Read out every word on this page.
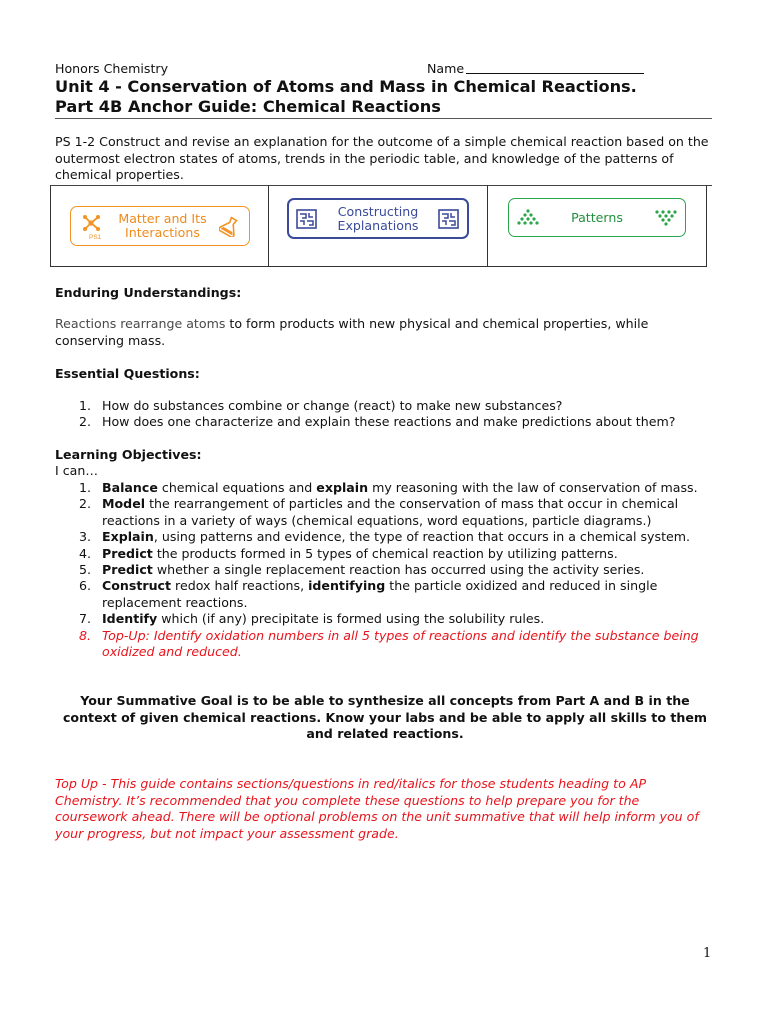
Honors Chemistry	Name
Unit 4 - Conservation of Atoms and Mass in Chemical Reactions.
Part 4B Anchor Guide: Chemical Reactions
PS 1-2 Construct and revise an explanation for the outcome of a simple chemical reaction based on the outermost electron states of atoms, trends in the periodic table, and knowledge of the patterns of chemical properties.
PS1
Matter and Its Interactions
Constructing Explanations
Patterns
Enduring Understandings:
Reactions rearrange atoms to form products with new physical and chemical properties, while conserving mass.
Essential Questions:
1. How do substances combine or change (react) to make new substances?
2. How does one characterize and explain these reactions and make predictions about them?
Learning Objectives:
I can…
1. Balance chemical equations and explain my reasoning with the law of conservation of mass.
2. Model the rearrangement of particles and the conservation of mass that occur in chemical reactions in a variety of ways (chemical equations, word equations, particle diagrams.)
3. Explain, using patterns and evidence, the type of reaction that occurs in a chemical system.
4. Predict the products formed in 5 types of chemical reaction by utilizing patterns.
5. Predict whether a single replacement reaction has occurred using the activity series.
6. Construct redox half reactions, identifying the particle oxidized and reduced in single replacement reactions.
7. Identify which (if any) precipitate is formed using the solubility rules.
8. Top-Up: Identify oxidation numbers in all 5 types of reactions and identify the substance being oxidized and reduced.
Your Summative Goal is to be able to synthesize all concepts from Part A and B in the context of given chemical reactions. Know your labs and be able to apply all skills to them and related reactions.
Top Up - This guide contains sections/questions in red/italics for those students heading to AP Chemistry. It’s recommended that you complete these questions to help prepare you for the coursework ahead. There will be optional problems on the unit summative that will help inform you of your progress, but not impact your assessment grade.
1
